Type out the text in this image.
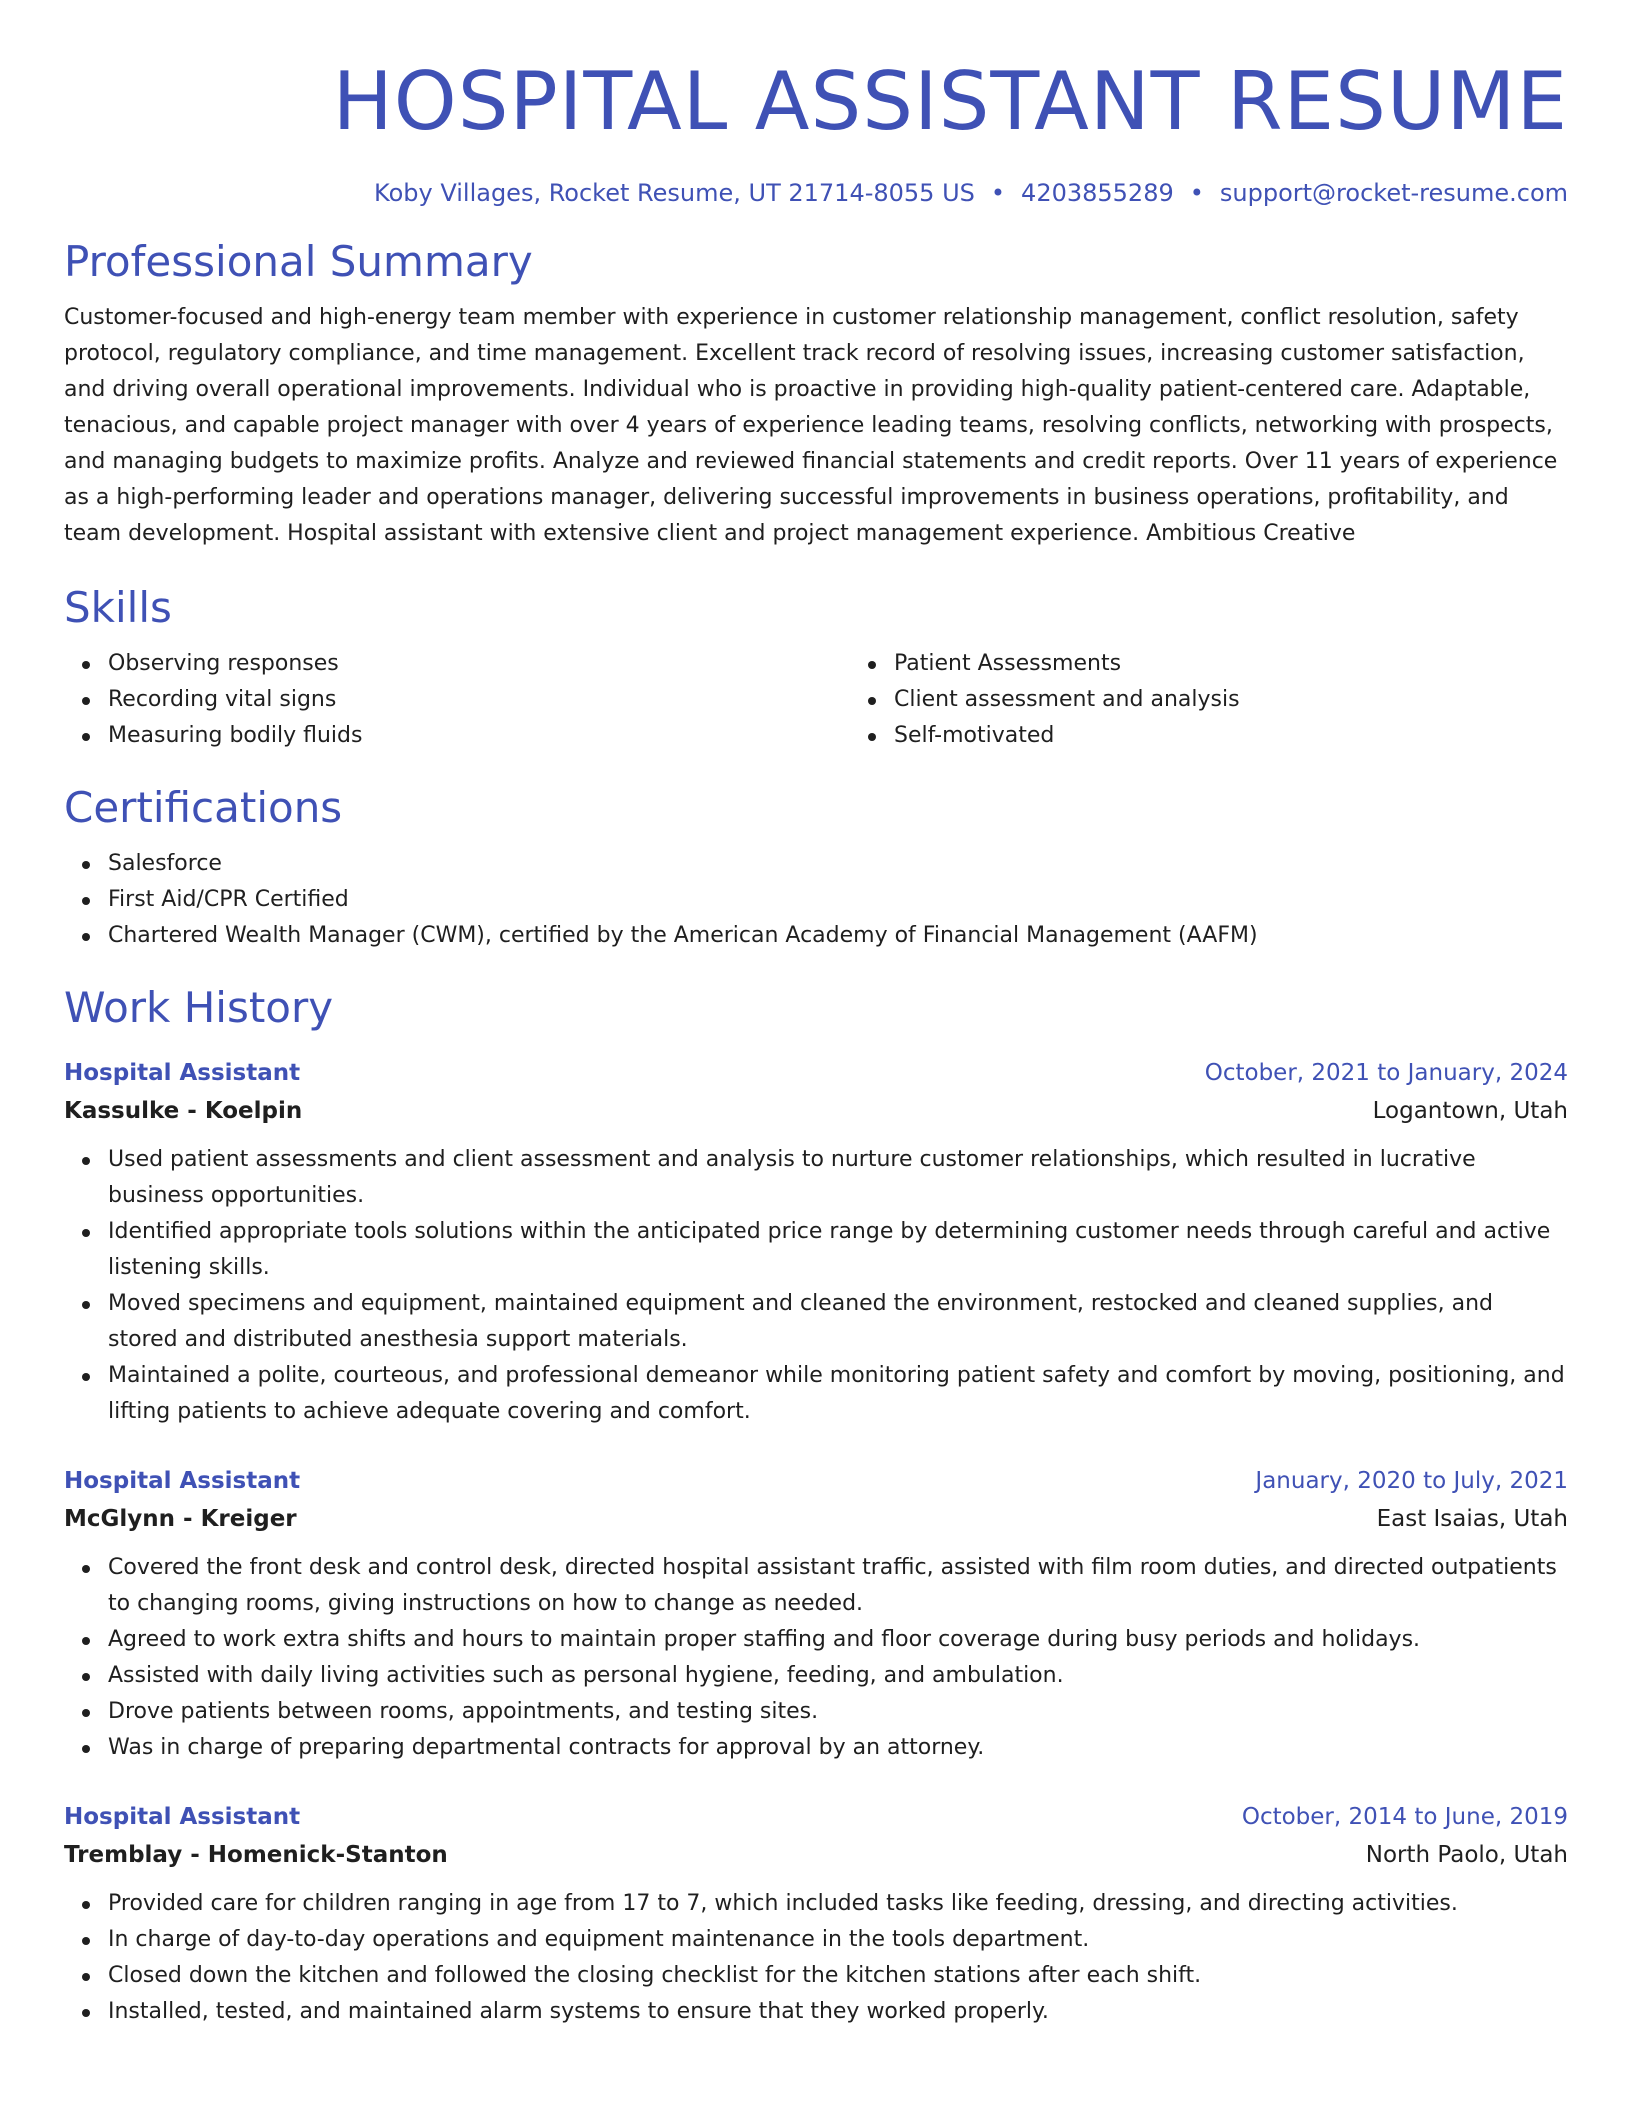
HOSPITAL ASSISTANT RESUME
Koby Villages, Rocket Resume, UT 21714-8055 US • 4203855289 • support@rocket-resume.com
Professional Summary

Customer-focused and high-energy team member with experience in customer relationship management, conflict resolution, safety protocol, regulatory compliance, and time management. Excellent track record of resolving issues, increasing customer satisfaction, and driving overall operational improvements. Individual who is proactive in providing high-quality patient-centered care. Adaptable, tenacious, and capable project manager with over 4 years of experience leading teams, resolving conflicts, networking with prospects, and managing budgets to maximize profits. Analyze and reviewed financial statements and credit reports. Over 11 years of experience as a high-performing leader and operations manager, delivering successful improvements in business operations, profitability, and team development. Hospital assistant with extensive client and project management experience. Ambitious Creative

Skills
Observing responses
Recording vital signs
Measuring bodily fluids
Patient Assessments
Client assessment and analysis
Self-motivated
Certifications
Salesforce
First Aid/CPR Certified
Chartered Wealth Manager (CWM), certified by the American Academy of Financial Management (AAFM)
Work History
Hospital Assistant	October, 2021 to January, 2024
Kassulke - Koelpin	Logantown, Utah
Used patient assessments and client assessment and analysis to nurture customer relationships, which resulted in lucrative business opportunities.
Identified appropriate tools solutions within the anticipated price range by determining customer needs through careful and active listening skills.
Moved specimens and equipment, maintained equipment and cleaned the environment, restocked and cleaned supplies, and stored and distributed anesthesia support materials.
Maintained a polite, courteous, and professional demeanor while monitoring patient safety and comfort by moving, positioning, and lifting patients to achieve adequate covering and comfort.
Hospital Assistant	January, 2020 to July, 2021
McGlynn - Kreiger	East Isaias, Utah
Covered the front desk and control desk, directed hospital assistant traffic, assisted with film room duties, and directed outpatients to changing rooms, giving instructions on how to change as needed.
Agreed to work extra shifts and hours to maintain proper staffing and floor coverage during busy periods and holidays.
Assisted with daily living activities such as personal hygiene, feeding, and ambulation.
Drove patients between rooms, appointments, and testing sites.
Was in charge of preparing departmental contracts for approval by an attorney.
Hospital Assistant	October, 2014 to June, 2019
Tremblay - Homenick-Stanton	North Paolo, Utah
Provided care for children ranging in age from 17 to 7, which included tasks like feeding, dressing, and directing activities.
In charge of day-to-day operations and equipment maintenance in the tools department.
Closed down the kitchen and followed the closing checklist for the kitchen stations after each shift.
Installed, tested, and maintained alarm systems to ensure that they worked properly.
